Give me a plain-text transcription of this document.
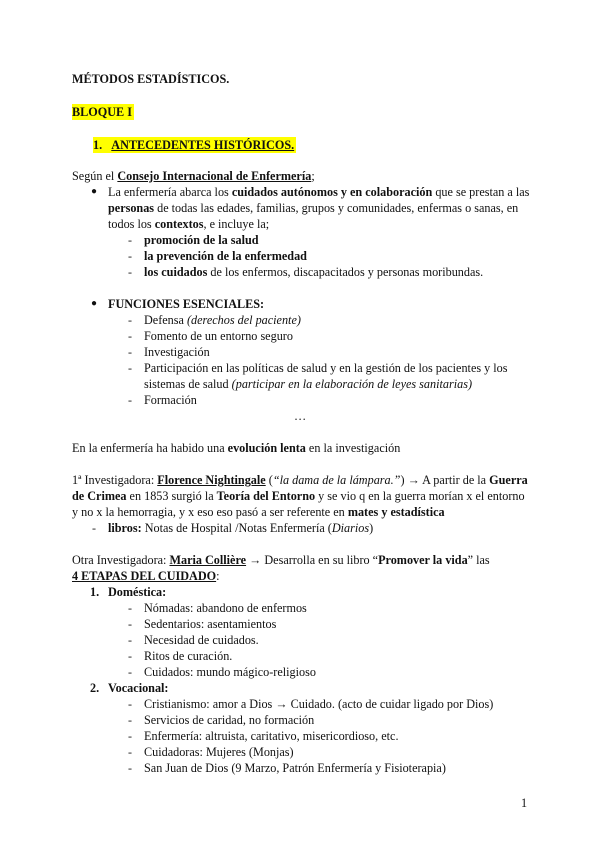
MÉTODOS ESTADÍSTICOS.
BLOQUE I
1. ANTECEDENTES HISTÓRICOS.
Según el Consejo Internacional de Enfermería;
● La enfermería abarca los cuidados autónomos y en colaboración que se prestan a las
personas de todas las edades, familias, grupos y comunidades, enfermas o sanas, en
todos los contextos, e incluye la;
- promoción de la salud
- la prevención de la enfermedad
- los cuidados de los enfermos, discapacitados y personas moribundas.
● FUNCIONES ESENCIALES:
- Defensa (derechos del paciente)
- Fomento de un entorno seguro
- Investigación
- Participación en las políticas de salud y en la gestión de los pacientes y los
sistemas de salud (participar en la elaboración de leyes sanitarias)
- Formación
…
En la enfermería ha habido una evolución lenta en la investigación
1ª Investigadora: Florence Nightingale (“la dama de la lámpara.”) → A partir de la Guerra
de Crimea en 1853 surgió la Teoría del Entorno y se vio q en la guerra morían x el entorno
y no x la hemorragia, y x eso eso pasó a ser referente en mates y estadística
- libros: Notas de Hospital /Notas Enfermería (Diarios)
Otra Investigadora: Maria Collière → Desarrolla en su libro “Promover la vida” las
4 ETAPAS DEL CUIDADO:
1. Doméstica:
- Nómadas: abandono de enfermos
- Sedentarios: asentamientos
- Necesidad de cuidados.
- Ritos de curación.
- Cuidados: mundo mágico-religioso
2. Vocacional:
- Cristianismo: amor a Dios → Cuidado. (acto de cuidar ligado por Dios)
- Servicios de caridad, no formación
- Enfermería: altruista, caritativo, misericordioso, etc.
- Cuidadoras: Mujeres (Monjas)
- San Juan de Dios (9 Marzo, Patrón Enfermería y Fisioterapia)
1
